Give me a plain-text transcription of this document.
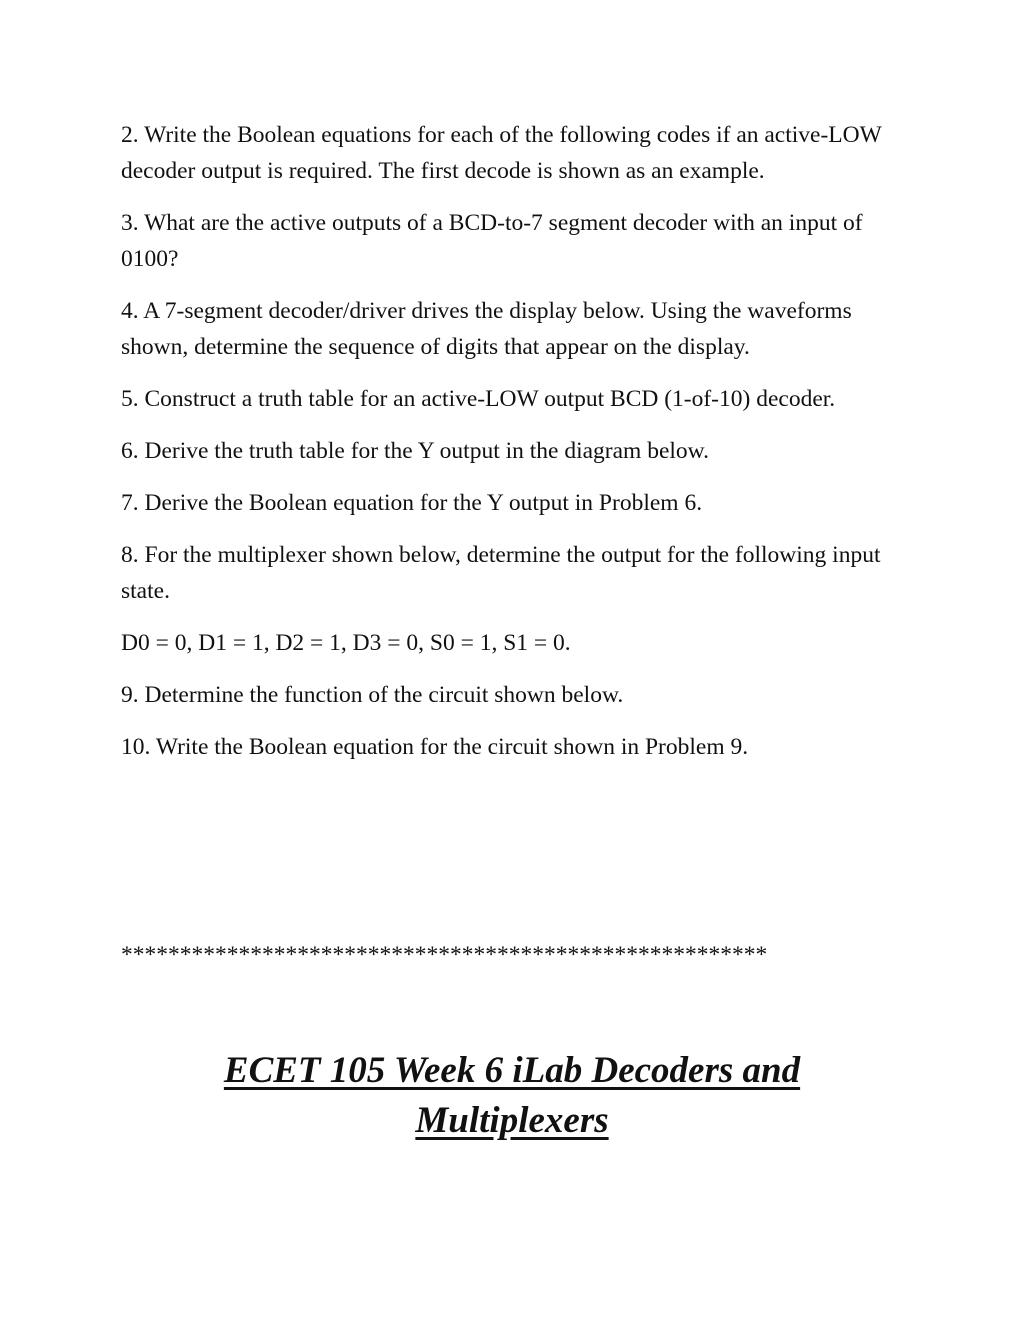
2. Write the Boolean equations for each of the following codes if an active-LOW decoder output is required. The first decode is shown as an example.

3. What are the active outputs of a BCD-to-7 segment decoder with an input of 0100?

4. A 7-segment decoder/driver drives the display below. Using the waveforms shown, determine the sequence of digits that appear on the display.

5. Construct a truth table for an active-LOW output BCD (1-of-10) decoder.

6. Derive the truth table for the Y output in the diagram below.

7. Derive the Boolean equation for the Y output in Problem 6.

8. For the multiplexer shown below, determine the output for the following input state.

D0 = 0, D1 = 1, D2 = 1, D3 = 0, S0 = 1, S1 = 0.

9. Determine the function of the circuit shown below.

10. Write the Boolean equation for the circuit shown in Problem 9.

*******************************************************
ECET 105 Week 6 iLab Decoders and
Multiplexers
